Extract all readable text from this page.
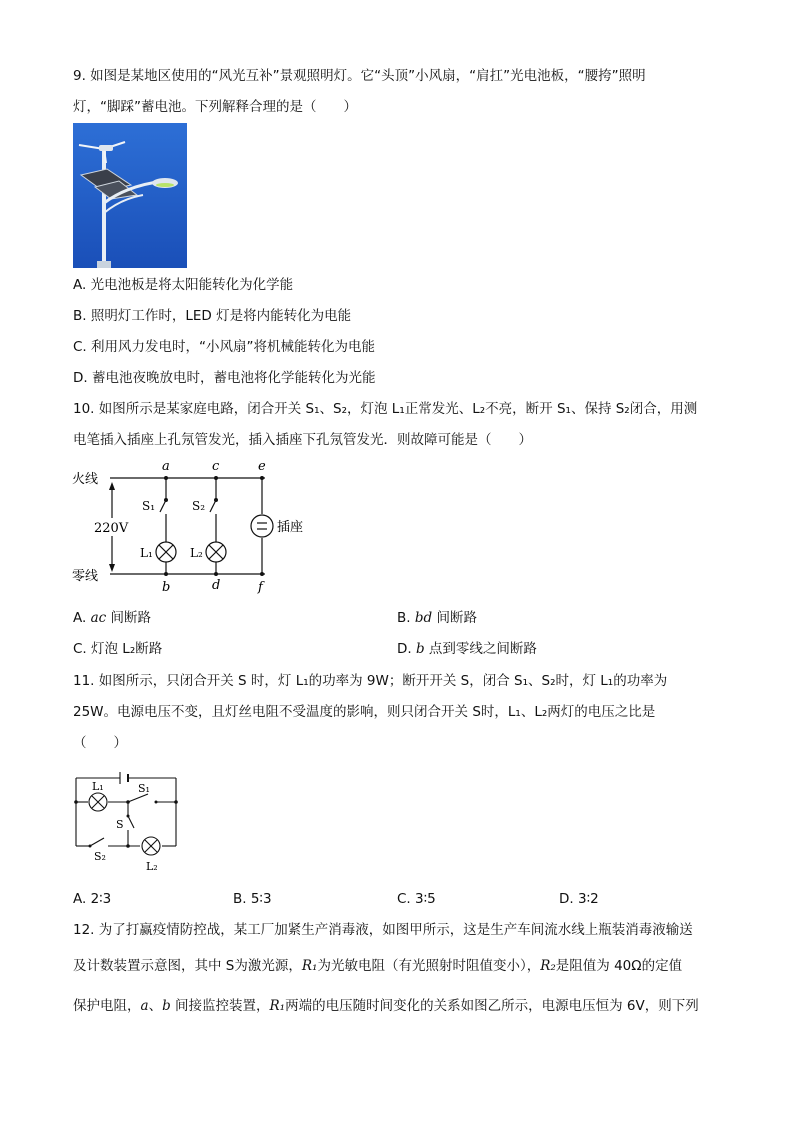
9. 如图是某地区使用的“风光互补”景观照明灯。它“头顶”小风扇，“肩扛”光电池板，“腰挎”照明
灯，“脚踩”蓄电池。下列解释合理的是（　　）
A. 光电池板是将太阳能转化为化学能
B. 照明灯工作时，LED 灯是将内能转化为电能
C. 利用风力发电时，“小风扇”将机械能转化为电能
D. 蓄电池夜晚放电时，蓄电池将化学能转化为光能
10. 如图所示是某家庭电路，闭合开关 S₁、S₂，灯泡 L₁正常发光、L₂不亮，断开 S₁、保持 S₂闭合，用测
电笔插入插座上孔氖管发光，插入插座下孔氖管发光．则故障可能是（　　）
火线
零线
220V	插座
a	c	e
b	d	f
S₁	S₂
L₁	L₂
A. ac 间断路	B. bd 间断路
C. 灯泡 L₂断路	D. b 点到零线之间断路
11. 如图所示，只闭合开关 S 时，灯 L₁的功率为 9W；断开开关 S，闭合 S₁、S₂时，灯 L₁的功率为
25W。电源电压不变，且灯丝电阻不受温度的影响，则只闭合开关 S时，L₁、L₂两灯的电压之比是
（　　）
L₁	S₁
S
S₂
L₂
A. 2∶3	B. 5∶3	C. 3∶5	D. 3∶2
12. 为了打赢疫情防控战，某工厂加紧生产消毒液，如图甲所示，这是生产车间流水线上瓶装消毒液输送
及计数装置示意图，其中 S为激光源，R₁为光敏电阻（有光照射时阻值变小），R₂是阻值为 40Ω的定值
保护电阻，a、b 间接监控装置，R₁两端的电压随时间变化的关系如图乙所示，电源电压恒为 6V，则下列
